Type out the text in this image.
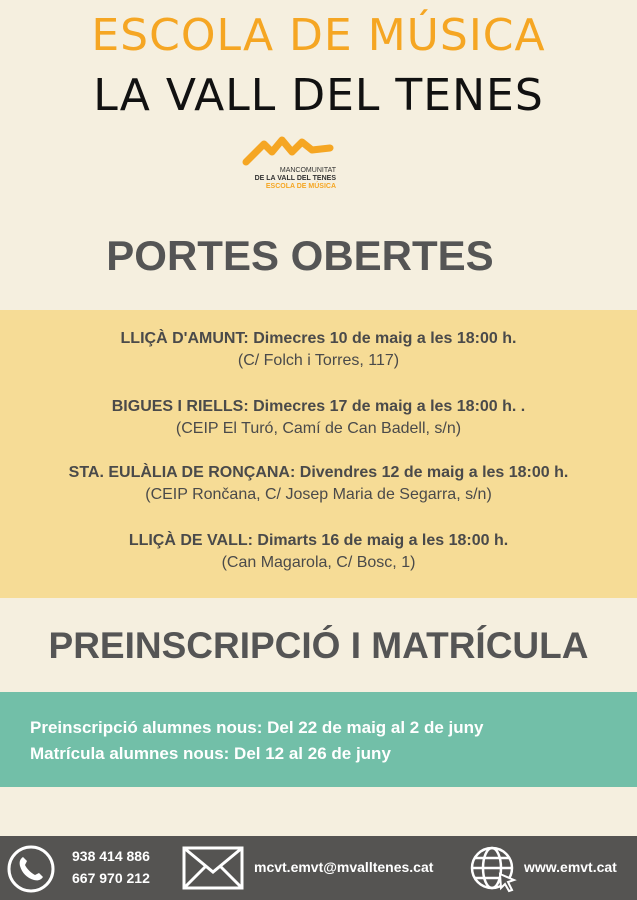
ESCOLA DE MÚSICA
LA VALL DEL TENES
MANCOMUNITAT
DE LA VALL DEL TENES
ESCOLA DE MÚSICA
PORTES OBERTES
LLIÇÀ D'AMUNT: Dimecres 10 de maig a les 18:00 h.
(C/ Folch i Torres, 117)
BIGUES I RIELLS: Dimecres 17 de maig a les 18:00 h. .
(CEIP El Turó, Camí de Can Badell, s/n)
STA. EULÀLIA DE RONÇANA: Divendres 12 de maig a les 18:00 h.
(CEIP Rončana, C/ Josep Maria de Segarra, s/n)
LLIÇÀ DE VALL: Dimarts 16 de maig a les 18:00 h.
(Can Magarola, C/ Bosc, 1)
PREINSCRIPCIÓ I MATRÍCULA
Preinscripció alumnes nous: Del 22 de maig al 2 de juny
Matrícula alumnes nous: Del 12 al 26 de juny
938 414 886
667 970 212
mcvt.emvt@mvalltenes.cat	www.emvt.cat
